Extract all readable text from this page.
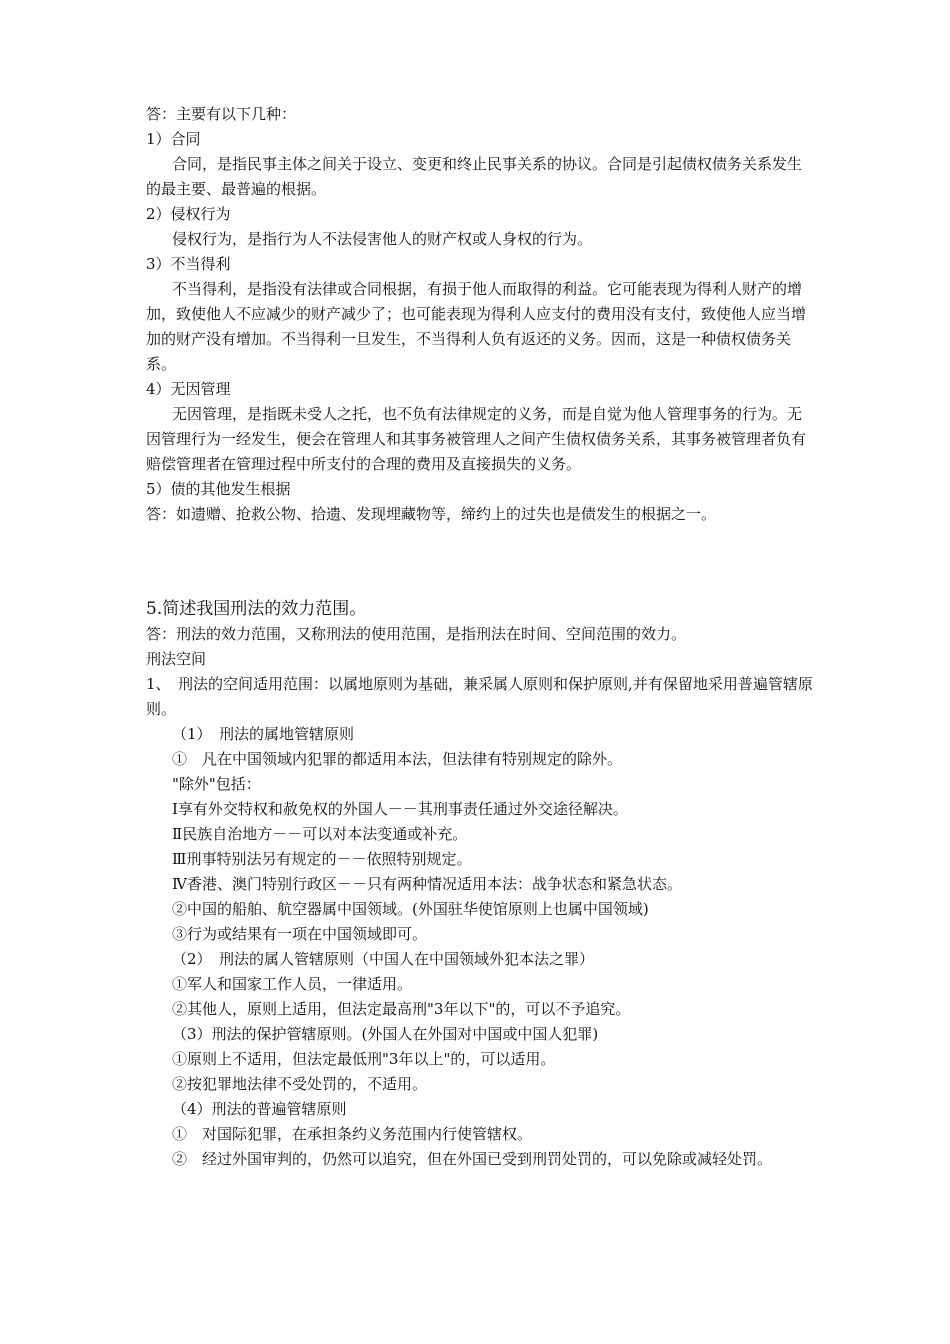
答：主要有以下几种：

1）合同

合同，是指民事主体之间关于设立、变更和终止民事关系的协议。合同是引起债权债务关系发生的最主要、最普遍的根据。

2）侵权行为

侵权行为，是指行为人不法侵害他人的财产权或人身权的行为。

3）不当得利

不当得利，是指没有法律或合同根据，有损于他人而取得的利益。它可能表现为得利人财产的增加，致使他人不应减少的财产减少了；也可能表现为得利人应支付的费用没有支付，致使他人应当增加的财产没有增加。不当得利一旦发生，不当得利人负有返还的义务。因而，这是一种债权债务关系。

4）无因管理

无因管理，是指既未受人之托，也不负有法律规定的义务，而是自觉为他人管理事务的行为。无因管理行为一经发生，便会在管理人和其事务被管理人之间产生债权债务关系，其事务被管理者负有赔偿管理者在管理过程中所支付的合理的费用及直接损失的义务。

5）债的其他发生根据

答：如遗赠、抢救公物、拾遗、发现埋藏物等，缔约上的过失也是债发生的根据之一。

5.简述我国刑法的效力范围。

答：刑法的效力范围，又称刑法的使用范围，是指刑法在时间、空间范围的效力。

刑法空间

1、　刑法的空间适用范围：以属地原则为基础，兼采属人原则和保护原则,并有保留地采用普遍管辖原则。

（1）　刑法的属地管辖原则

①　凡在中国领域内犯罪的都适用本法，但法律有特别规定的除外。

"除外"包括：

Ⅰ享有外交特权和赦免权的外国人－－其刑事责任通过外交途径解决。

Ⅱ民族自治地方－－可以对本法变通或补充。

Ⅲ刑事特别法另有规定的－－依照特别规定。

Ⅳ香港、澳门特别行政区－－只有两种情况适用本法：战争状态和紧急状态。

②中国的船舶、航空器属中国领域。(外国驻华使馆原则上也属中国领域)

③行为或结果有一项在中国领域即可。

（2）　刑法的属人管辖原则（中国人在中国领域外犯本法之罪）

①军人和国家工作人员，一律适用。

②其他人，原则上适用，但法定最高刑"3年以下"的，可以不予追究。

（3）刑法的保护管辖原则。(外国人在外国对中国或中国人犯罪)

①原则上不适用，但法定最低刑"3年以上"的，可以适用。

②按犯罪地法律不受处罚的，不适用。

（4）刑法的普遍管辖原则

①　对国际犯罪，在承担条约义务范围内行使管辖权。

②　经过外国审判的，仍然可以追究，但在外国已受到刑罚处罚的，可以免除或减轻处罚。
